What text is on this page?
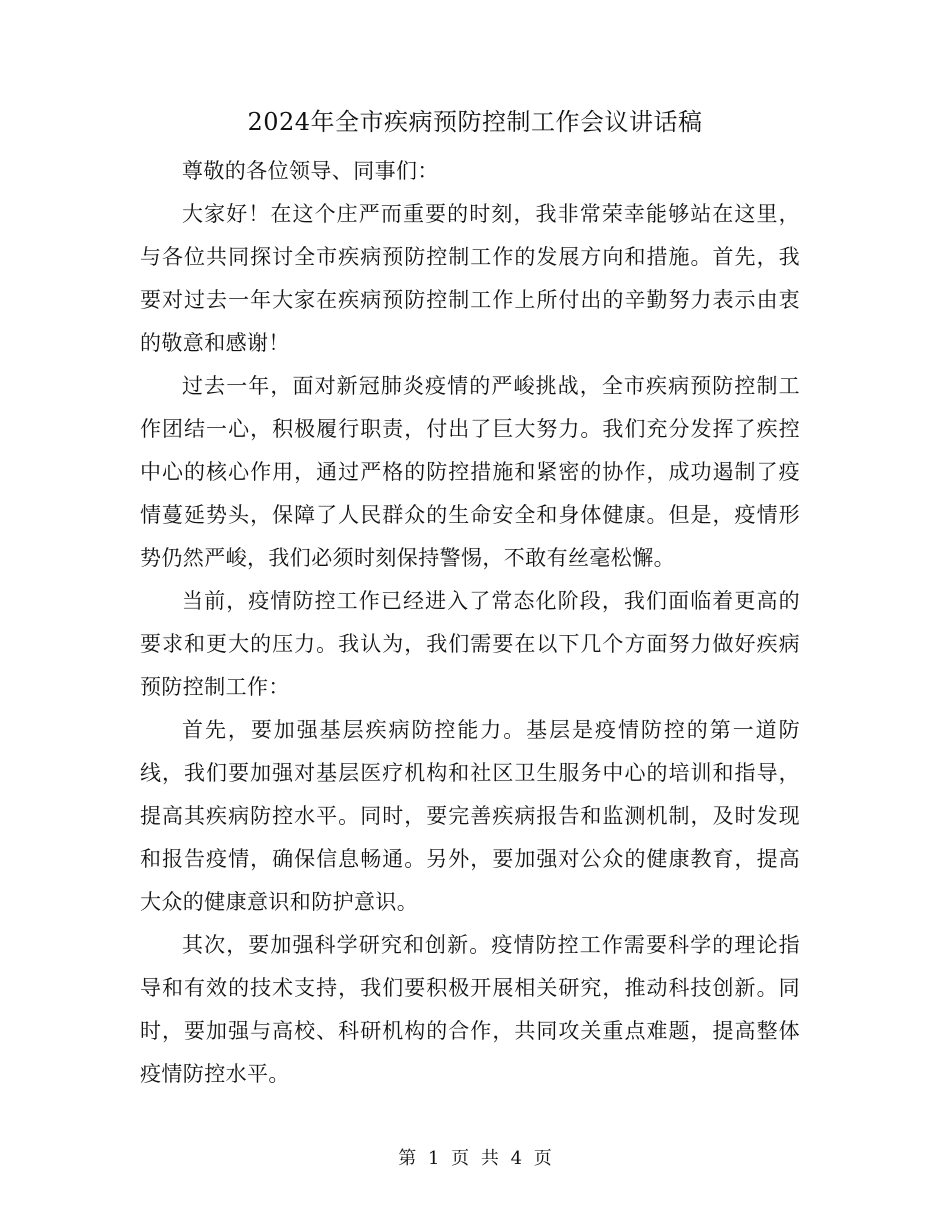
2024年全市疾病预防控制工作会议讲话稿

尊敬的各位领导、同事们：

大家好！在这个庄严而重要的时刻，我非常荣幸能够站在这里，与各位共同探讨全市疾病预防控制工作的发展方向和措施。首先，我要对过去一年大家在疾病预防控制工作上所付出的辛勤努力表示由衷的敬意和感谢！

过去一年，面对新冠肺炎疫情的严峻挑战，全市疾病预防控制工作团结一心，积极履行职责，付出了巨大努力。我们充分发挥了疾控中心的核心作用，通过严格的防控措施和紧密的协作，成功遏制了疫情蔓延势头，保障了人民群众的生命安全和身体健康。但是，疫情形势仍然严峻，我们必须时刻保持警惕，不敢有丝毫松懈。

当前，疫情防控工作已经进入了常态化阶段，我们面临着更高的要求和更大的压力。我认为，我们需要在以下几个方面努力做好疾病预防控制工作：

首先，要加强基层疾病防控能力。基层是疫情防控的第一道防线，我们要加强对基层医疗机构和社区卫生服务中心的培训和指导，提高其疾病防控水平。同时，要完善疾病报告和监测机制，及时发现和报告疫情，确保信息畅通。另外，要加强对公众的健康教育，提高大众的健康意识和防护意识。

其次，要加强科学研究和创新。疫情防控工作需要科学的理论指导和有效的技术支持，我们要积极开展相关研究，推动科技创新。同时，要加强与高校、科研机构的合作，共同攻关重点难题，提高整体疫情防控水平。

第 1 页 共 4 页
